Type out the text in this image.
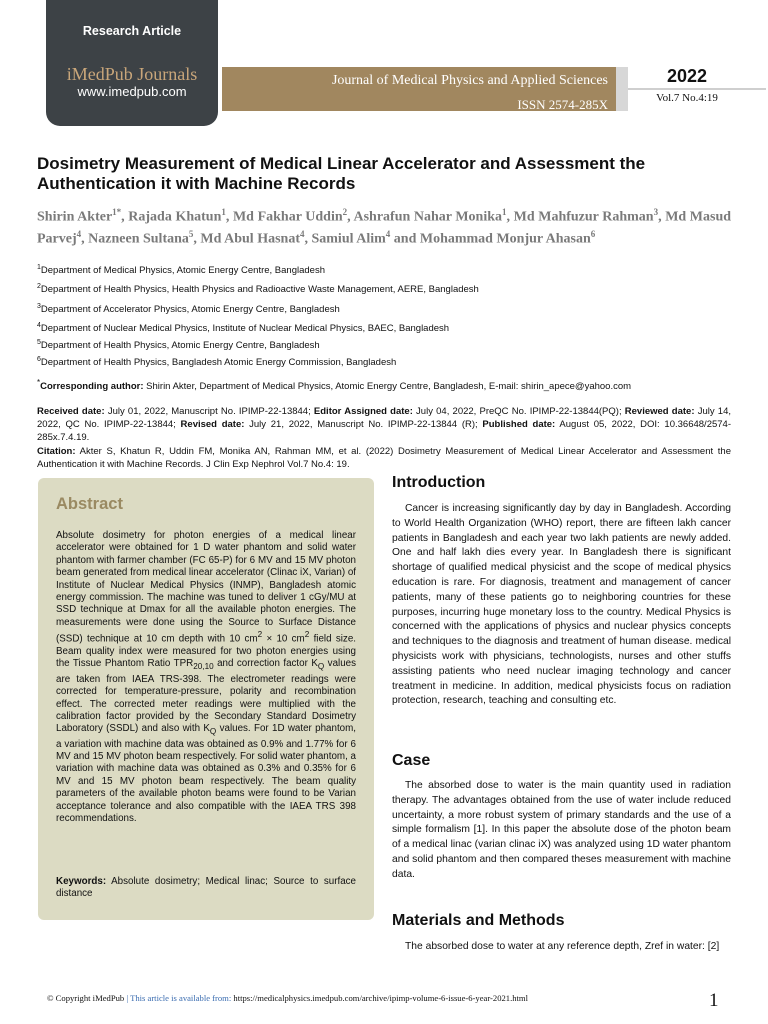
Research Article
iMedPub Journals
www.imedpub.com
Journal of Medical Physics and Applied Sciences
ISSN 2574-285X
2022
Vol.7 No.4:19
Dosimetry Measurement of Medical Linear Accelerator and Assessment the Authentication it with Machine Records
Shirin Akter$^{1*}$, Rajada Khatun$^1$, Md Fakhar Uddin$^2$, Ashrafun Nahar Monika$^1$, Md Mahfuzur Rahman$^3$, Md Masud Parvej$^4$, Nazneen Sultana$^5$, Md Abul Hasnat$^4$, Samiul Alim$^4$ and Mohammad Monjur Ahasan$^6$
$^1$Department of Medical Physics, Atomic Energy Centre, Bangladesh
$^2$Department of Health Physics, Health Physics and Radioactive Waste Management, AERE, Bangladesh
$^3$Department of Accelerator Physics, Atomic Energy Centre, Bangladesh
$^4$Department of Nuclear Medical Physics, Institute of Nuclear Medical Physics, BAEC, Bangladesh
$^5$Department of Health Physics, Atomic Energy Centre, Bangladesh
$^6$Department of Health Physics, Bangladesh Atomic Energy Commission, Bangladesh
*Corresponding author: Shirin Akter, Department of Medical Physics, Atomic Energy Centre, Bangladesh, E-mail: shirin_apece@yahoo.com
Received date: July 01, 2022, Manuscript No. IPIMP-22-13844; Editor Assigned date: July 04, 2022, PreQC No. IPIMP-22-13844(PQ); Reviewed date: July 14, 2022, QC No. IPIMP-22-13844; Revised date: July 21, 2022, Manuscript No. IPIMP-22-13844 (R); Published date: August 05, 2022, DOI: 10.36648/2574-285x.7.4.19.
Citation: Akter S, Khatun R, Uddin FM, Monika AN, Rahman MM, et al. (2022) Dosimetry Measurement of Medical Linear Accelerator and Assessment the Authentication it with Machine Records. J Clin Exp Nephrol Vol.7 No.4: 19.
Abstract
Absolute dosimetry for photon energies of a medical linear accelerator were obtained for 1 D water phantom and solid water phantom with farmer chamber (FC 65-P) for 6 MV and 15 MV photon beam generated from medical linear accelerator (Clinac iX, Varian) of Institute of Nuclear Medical Physics (INMP), Bangladesh atomic energy commission. The machine was tuned to deliver 1 cGy/MU at SSD technique at Dmax for all the available photon energies. The measurements were done using the Source to Surface Distance (SSD) technique at 10 cm depth with 10 $cm^2 \times 10$ $cm^2$ field size. Beam quality index were measured for two photon energies using the Tissue Phantom Ratio $TPR_{20,10}$ and correction factor $K_Q$ values are taken from IAEA TRS-398. The electrometer readings were corrected for temperature-pressure, polarity and recombination effect. The corrected meter readings were multiplied with the calibration factor provided by the Secondary Standard Dosimetry Laboratory (SSDL) and also with $K_Q$ values. For 1D water phantom, a variation with machine data was obtained as 0.9% and 1.77% for 6 MV and 15 MV photon beam respectively. For solid water phantom, a variation with machine data was obtained as 0.3% and 0.35% for 6 MV and 15 MV photon beam respectively. The beam quality parameters of the available photon beams were found to be Varian acceptance tolerance and also compatible with the IAEA TRS 398 recommendations.
Keywords: Absolute dosimetry; Medical linac; Source to surface distance
Introduction
Cancer is increasing significantly day by day in Bangladesh. According to World Health Organization (WHO) report, there are fifteen lakh cancer patients in Bangladesh and each year two lakh patients are newly added. One and half lakh dies every year. In Bangladesh there is significant shortage of qualified medical physicist and the scope of medical physics education is rare. For diagnosis, treatment and management of cancer patients, many of these patients go to neighboring countries for these purposes, incurring huge monetary loss to the country. Medical Physics is concerned with the applications of physics and nuclear physics concepts and techniques to the diagnosis and treatment of human disease. medical physicists work with physicians, technologists, nurses and other stuffs assisting patients who need nuclear imaging technology and cancer treatment in medicine. In addition, medical physicists focus on radiation protection, research, teaching and consulting etc.
Case
The absorbed dose to water is the main quantity used in radiation therapy. The advantages obtained from the use of water include reduced uncertainty, a more robust system of primary standards and the use of a simple formalism [1]. In this paper the absolute dose of the photon beam of a medical linac (varian clinac iX) was analyzed using 1D water phantom and solid phantom and then compared theses measurement with machine data.
Materials and Methods
The absorbed dose to water at any reference depth, Zref in water: [2]
© Copyright iMedPub | This article is available from: https://medicalphysics.imedpub.com/archive/ipimp-volume-6-issue-6-year-2021.html	1
